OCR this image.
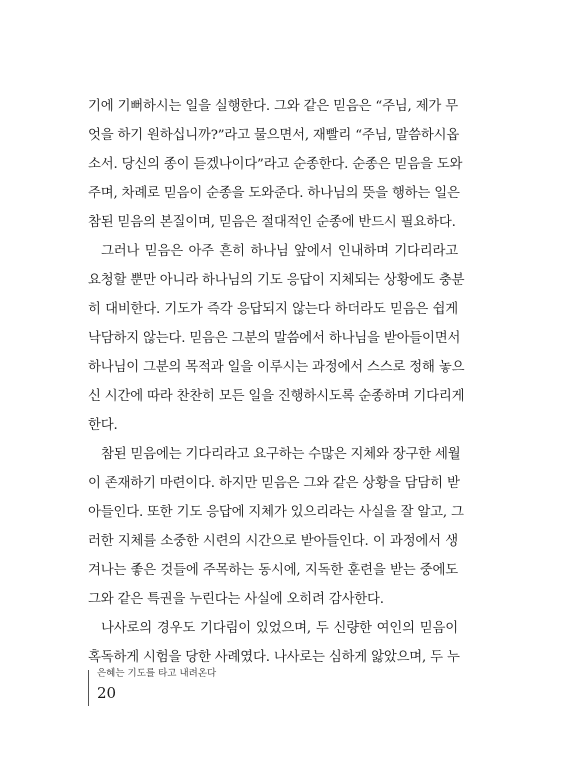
기에 기뻐하시는 일을 실행한다. 그와 같은 믿음은 “주님, 제가 무
엇을 하기 원하십니까?”라고 물으면서, 재빨리 “주님, 말씀하시옵
소서. 당신의 종이 듣겠나이다”라고 순종한다. 순종은 믿음을 도와
주며, 차례로 믿음이 순종을 도와준다. 하나님의 뜻을 행하는 일은
참된 믿음의 본질이며, 믿음은 절대적인 순종에 반드시 필요하다.
그러나 믿음은 아주 흔히 하나님 앞에서 인내하며 기다리라고
요청할 뿐만 아니라 하나님의 기도 응답이 지체되는 상황에도 충분
히 대비한다. 기도가 즉각 응답되지 않는다 하더라도 믿음은 쉽게
낙담하지 않는다. 믿음은 그분의 말씀에서 하나님을 받아들이면서
하나님이 그분의 목적과 일을 이루시는 과정에서 스스로 정해 놓으
신 시간에 따라 찬찬히 모든 일을 진행하시도록 순종하며 기다리게
한다.
참된 믿음에는 기다리라고 요구하는 수많은 지체와 장구한 세월
이 존재하기 마련이다. 하지만 믿음은 그와 같은 상황을 담담히 받
아들인다. 또한 기도 응답에 지체가 있으리라는 사실을 잘 알고, 그
러한 지체를 소중한 시련의 시간으로 받아들인다. 이 과정에서 생
겨나는 좋은 것들에 주목하는 동시에, 지독한 훈련을 받는 중에도
그와 같은 특권을 누린다는 사실에 오히려 감사한다.
나사로의 경우도 기다림이 있었으며, 두 신량한 여인의 믿음이
혹독하게 시험을 당한 사례였다. 나사로는 심하게 앓았으며, 두 누
은혜는 기도를 타고 내려온다
20
